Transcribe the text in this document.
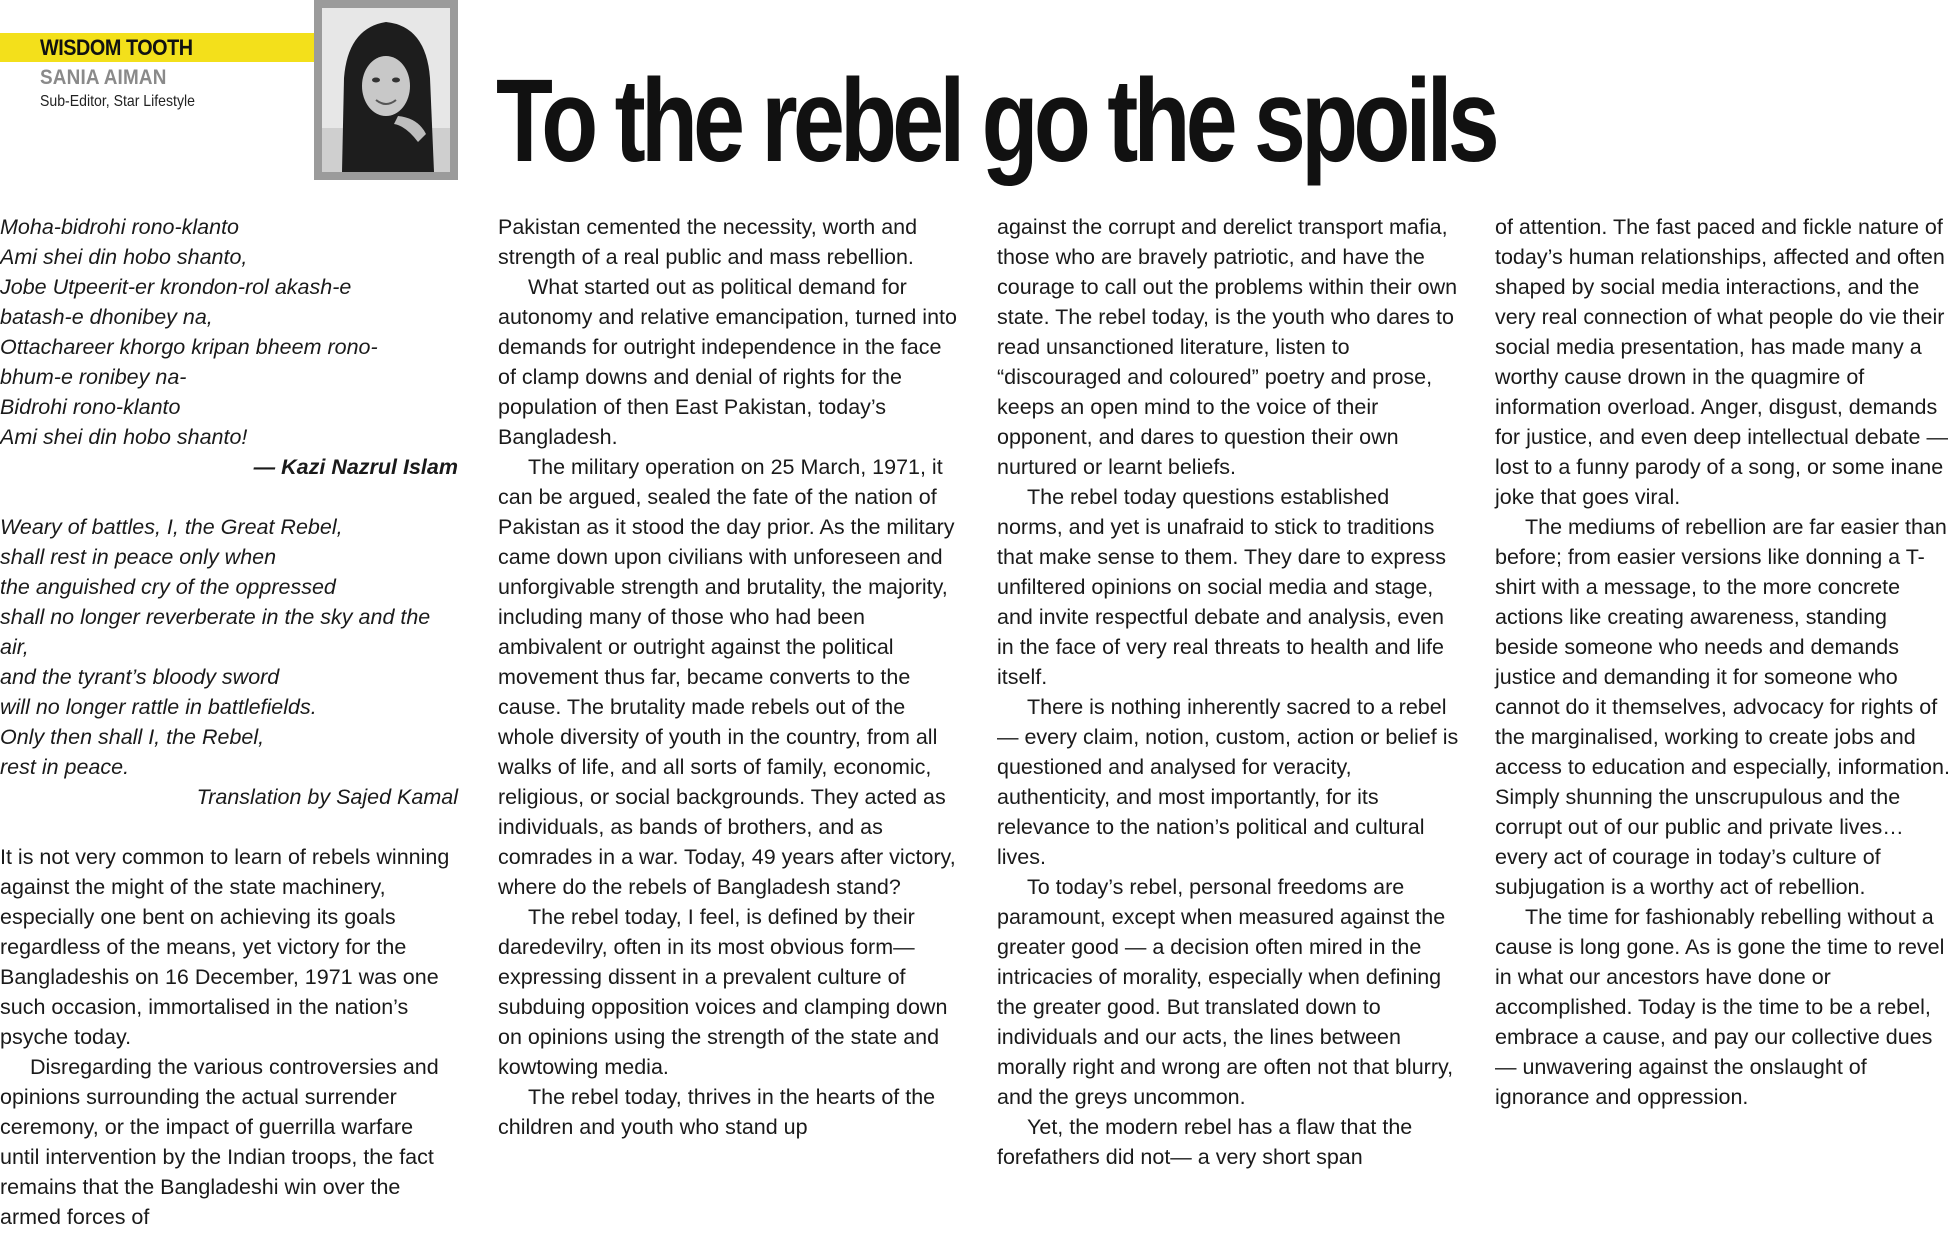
WISDOM TOOTH
SANIA AIMAN
Sub-Editor, Star Lifestyle	To the rebel go the spoils
Moha-bidrohi rono-klanto
Ami shei din hobo shanto,
Jobe Utpeerit-er krondon-rol akash-e
batash-e dhonibey na,
Ottachareer khorgo kripan bheem rono-
bhum-e ronibey na-
Bidrohi rono-klanto
Ami shei din hobo shanto!
— Kazi Nazrul Islam
Weary of battles, I, the Great Rebel,
shall rest in peace only when
the anguished cry of the oppressed
shall no longer reverberate in the sky and the air,
and the tyrant’s bloody sword
will no longer rattle in battlefields.
Only then shall I, the Rebel,
rest in peace.
Translation by Sajed Kamal

It is not very common to learn of rebels winning against the might of the state machinery, especially one bent on achieving its goals regardless of the means, yet victory for the Bangladeshis on 16 December, 1971 was one such occasion, immortalised in the nation’s psyche today.

Disregarding the various controversies and opinions surrounding the actual surrender ceremony, or the impact of guerrilla warfare until intervention by the Indian troops, the fact remains that the Bangladeshi win over the armed forces of

Pakistan cemented the necessity, worth and strength of a real public and mass rebellion.

What started out as political demand for autonomy and relative emancipation, turned into demands for outright independence in the face of clamp downs and denial of rights for the population of then East Pakistan, today’s Bangladesh.

The military operation on 25 March, 1971, it can be argued, sealed the fate of the nation of Pakistan as it stood the day prior. As the military came down upon civilians with unforeseen and unforgivable strength and brutality, the majority, including many of those who had been ambivalent or outright against the political movement thus far, became converts to the cause. The brutality made rebels out of the whole diversity of youth in the country, from all walks of life, and all sorts of family, economic, religious, or social backgrounds. They acted as individuals, as bands of brothers, and as comrades in a war. Today, 49 years after victory, where do the rebels of Bangladesh stand?

The rebel today, I feel, is defined by their daredevilry, often in its most obvious form— expressing dissent in a prevalent culture of subduing opposition voices and clamping down on opinions using the strength of the state and kowtowing media.

The rebel today, thrives in the hearts of the children and youth who stand up

against the corrupt and derelict transport mafia, those who are bravely patriotic, and have the courage to call out the problems within their own state. The rebel today, is the youth who dares to read unsanctioned literature, listen to “discouraged and coloured” poetry and prose, keeps an open mind to the voice of their opponent, and dares to question their own nurtured or learnt beliefs.

The rebel today questions established norms, and yet is unafraid to stick to traditions that make sense to them. They dare to express unfiltered opinions on social media and stage, and invite respectful debate and analysis, even in the face of very real threats to health and life itself.

There is nothing inherently sacred to a rebel— every claim, notion, custom, action or belief is questioned and analysed for veracity, authenticity, and most importantly, for its relevance to the nation’s political and cultural lives.

To today’s rebel, personal freedoms are paramount, except when measured against the greater good — a decision often mired in the intricacies of morality, especially when defining the greater good. But translated down to individuals and our acts, the lines between morally right and wrong are often not that blurry, and the greys uncommon.

Yet, the modern rebel has a flaw that the forefathers did not— a very short span

of attention. The fast paced and fickle nature of today’s human relationships, affected and often shaped by social media interactions, and the very real connection of what people do vie their social media presentation, has made many a worthy cause drown in the quagmire of information overload. Anger, disgust, demands for justice, and even deep intellectual debate — lost to a funny parody of a song, or some inane joke that goes viral.

The mediums of rebellion are far easier than before; from easier versions like donning a T-shirt with a message, to the more concrete actions like creating awareness, standing beside someone who needs and demands justice and demanding it for someone who cannot do it themselves, advocacy for rights of the marginalised, working to create jobs and access to education and especially, information. Simply shunning the unscrupulous and the corrupt out of our public and private lives… every act of courage in today’s culture of subjugation is a worthy act of rebellion.

The time for fashionably rebelling without a cause is long gone. As is gone the time to revel in what our ancestors have done or accomplished. Today is the time to be a rebel, embrace a cause, and pay our collective dues — unwavering against the onslaught of ignorance and oppression.
